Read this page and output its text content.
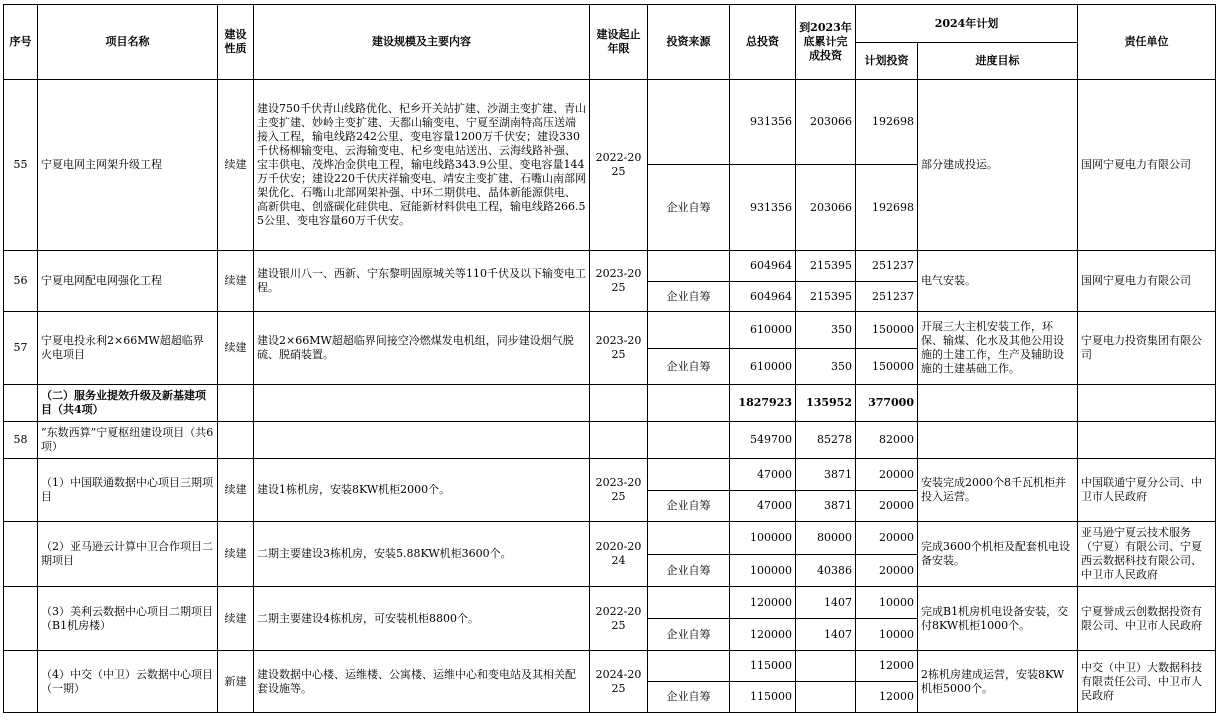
序号	项目名称	建设性质	建设规模及主要内容	建设起止年限	投资来源	总投资	到2023年底累计完成投资	2024年计划		责任单位
								计划投资	进度目标	
55	宁夏电网主网架升级工程	续建	建设750千伏青山线路优化、杞乡开关站扩建、沙湖主变扩建、青山主变扩建、妙岭主变扩建、天都山输变电、宁夏至湖南特高压送端接入工程，输电线路242公里、变电容量1200万千伏安；建设330千伏杨柳输变电、云海输变电、杞乡变电站送出、云海线路补强、宝丰供电、茂烨冶金供电工程，输电线路343.9公里、变电容量144万千伏安；建设220千伏庆祥输变电、靖安主变扩建、石嘴山南部网架优化、石嘴山北部网架补强、中环二期供电、晶体新能源供电、高新供电、创盛碳化硅供电、冠能新材料供电工程，输电线路266.55公里、变电容量60万千伏安。	2022-2025		931356	203066	192698	部分建成投运。	国网宁夏电力有限公司
					企业自筹	931356	203066	192698		
56	宁夏电网配电网强化工程	续建	建设银川八一、西新、宁东黎明固原城关等110千伏及以下输变电工程。	2023-2025		604964	215395	251237	电气安装。	国网宁夏电力有限公司
					企业自筹	604964	215395	251237		
57	宁夏电投永利2×66MW超超临界火电项目	续建	建设2×66MW超超临界间接空冷燃煤发电机组，同步建设烟气脱硫、脱硝装置。	2023-2025		610000	350	150000	开展三大主机安装工作，环保、输煤、化水及其他公用设施的土建工作，生产及辅助设施的土建基础工作。	宁夏电力投资集团有限公司
					企业自筹	610000	350	150000		
	（二）服务业提效升级及新基建项目（共4项）					1827923	135952	377000		
58	“东数西算”宁夏枢纽建设项目（共6项）					549700	85278	82000		
	（1）中国联通数据中心项目三期项目	续建	建设1栋机房，安装8KW机柜2000个。	2023-2025		47000	3871	20000	安装完成2000个8千瓦机柜并投入运营。	中国联通宁夏分公司、中卫市人民政府
					企业自筹	47000	3871	20000		
	（2）亚马逊云计算中卫合作项目二期项目	续建	二期主要建设3栋机房，安装5.88KW机柜3600个。	2020-2024		100000	80000	20000	完成3600个机柜及配套机电设备安装。	亚马逊宁夏云技术服务（宁夏）有限公司、宁夏西云数据科技有限公司、中卫市人民政府
					企业自筹	100000	40386	20000		
	（3）美利云数据中心项目二期项目（B1机房楼）	续建	二期主要建设4栋机房，可安装机柜8800个。	2022-2025		120000	1407	10000	完成B1机房机电设备安装，交付8KW机柜1000个。	宁夏誉成云创数据投资有限公司、中卫市人民政府
					企业自筹	120000	1407	10000		
	（4）中交（中卫）云数据中心项目（一期）	新建	建设数据中心楼、运维楼、公寓楼、运维中心和变电站及其相关配套设施等。	2024-2025		115000		12000	2栋机房建成运营，安装8KW机柜5000个。	中交（中卫）大数据科技有限责任公司、中卫市人民政府
					企业自筹	115000		12000		
